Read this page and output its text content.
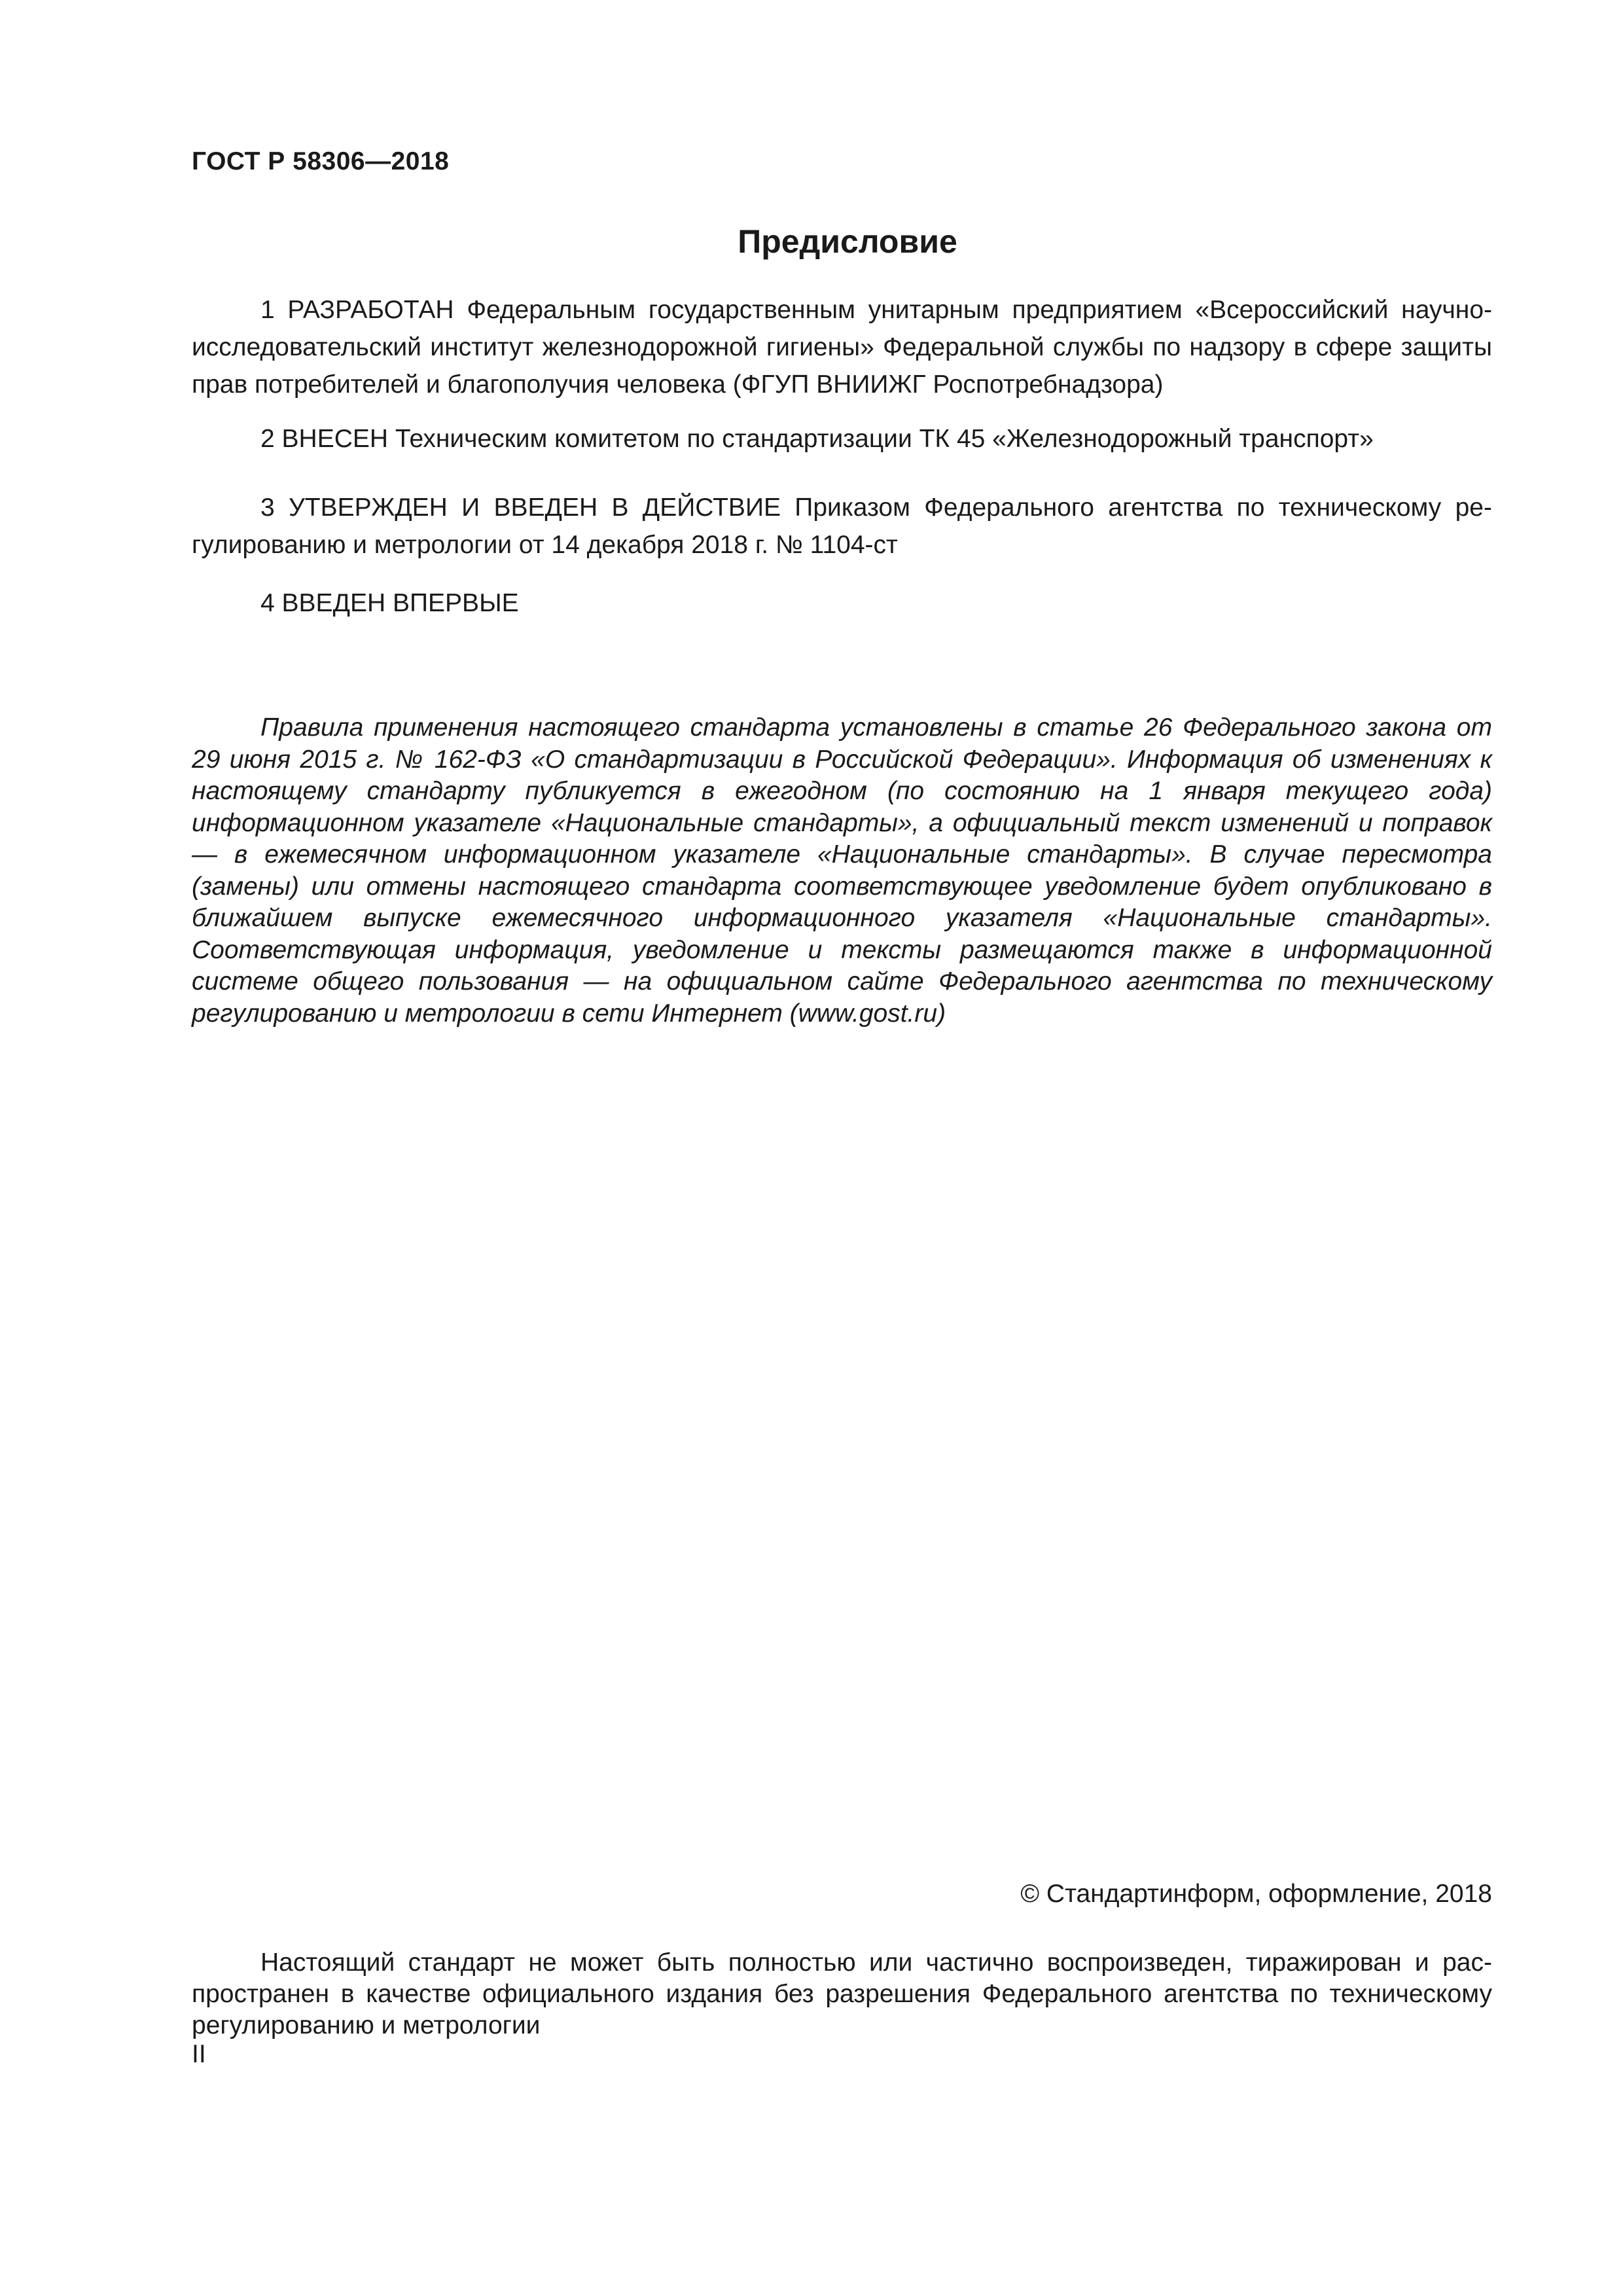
ГОСТ Р 58306—2018
Предисловие

1 РАЗРАБОТАН Федеральным государственным унитарным предприятием «Всероссийский научно-исследовательский институт железнодорожной гигиены» Федеральной службы по надзору в сфере защиты прав потребителей и благополучия человека (ФГУП ВНИИЖГ Роспотребнадзора)

2 ВНЕСЕН Техническим комитетом по стандартизации ТК 45 «Железнодорожный транспорт»

3 УТВЕРЖДЕН И ВВЕДЕН В ДЕЙСТВИЕ Приказом Федерального агентства по техническому регулированию и метрологии от 14 декабря 2018 г. № 1104-ст

4 ВВЕДЕН ВПЕРВЫЕ

Правила применения настоящего стандарта установлены в статье 26 Федерального закона от 29 июня 2015 г. № 162-ФЗ «О стандартизации в Российской Федерации». Информация об изменениях к настоящему стандарту публикуется в ежегодном (по состоянию на 1 января текущего года) информационном указателе «Национальные стандарты», а официальный текст изменений и поправок — в ежемесячном информационном указателе «Национальные стандарты». В случае пересмотра (замены) или отмены настоящего стандарта соответствующее уведомление будет опубликовано в ближайшем выпуске ежемесячного информационного указателя «Национальные стандарты». Соответствующая информация, уведомление и тексты размещаются также в информационной системе общего пользования — на официальном сайте Федерального агентства по техническому регулированию и метрологии в сети Интернет (www.gost.ru)

© Стандартинформ, оформление, 2018

Настоящий стандарт не может быть полностью или частично воспроизведен, тиражирован и распространен в качестве официального издания без разрешения Федерального агентства по техническому регулированию и метрологии

II
